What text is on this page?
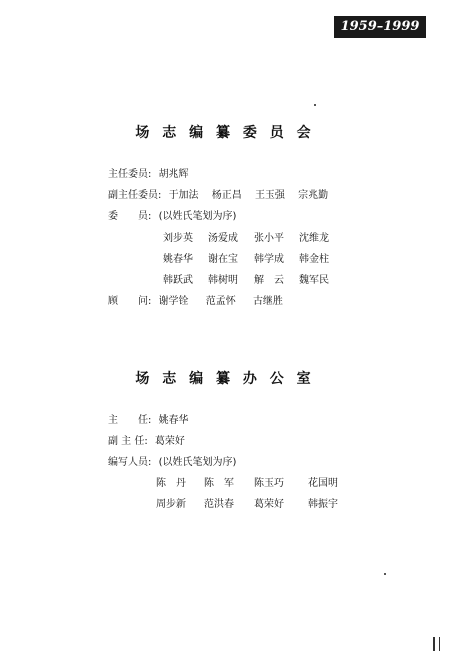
1959–1999
场 志 编 纂 委 员 会
主任委员: 胡兆辉
副主任委员: 于加法 杨正昌 王玉强 宗兆勤
委　　员: (以姓氏笔划为序)
刘步英 汤爱成 张小平 沈维龙
姚春华 谢在宝 韩学成 韩金柱
韩跃武 韩树明 解　云 魏军民
顾　　问: 谢学铨 范孟怀 古继胜
场 志 编 纂 办 公 室
主　　任: 姚春华
副 主 任: 葛荣好
编写人员: (以姓氏笔划为序)
陈　丹 陈　军 陈玉巧 花国明
周步新 范洪春 葛荣好 韩振宇
